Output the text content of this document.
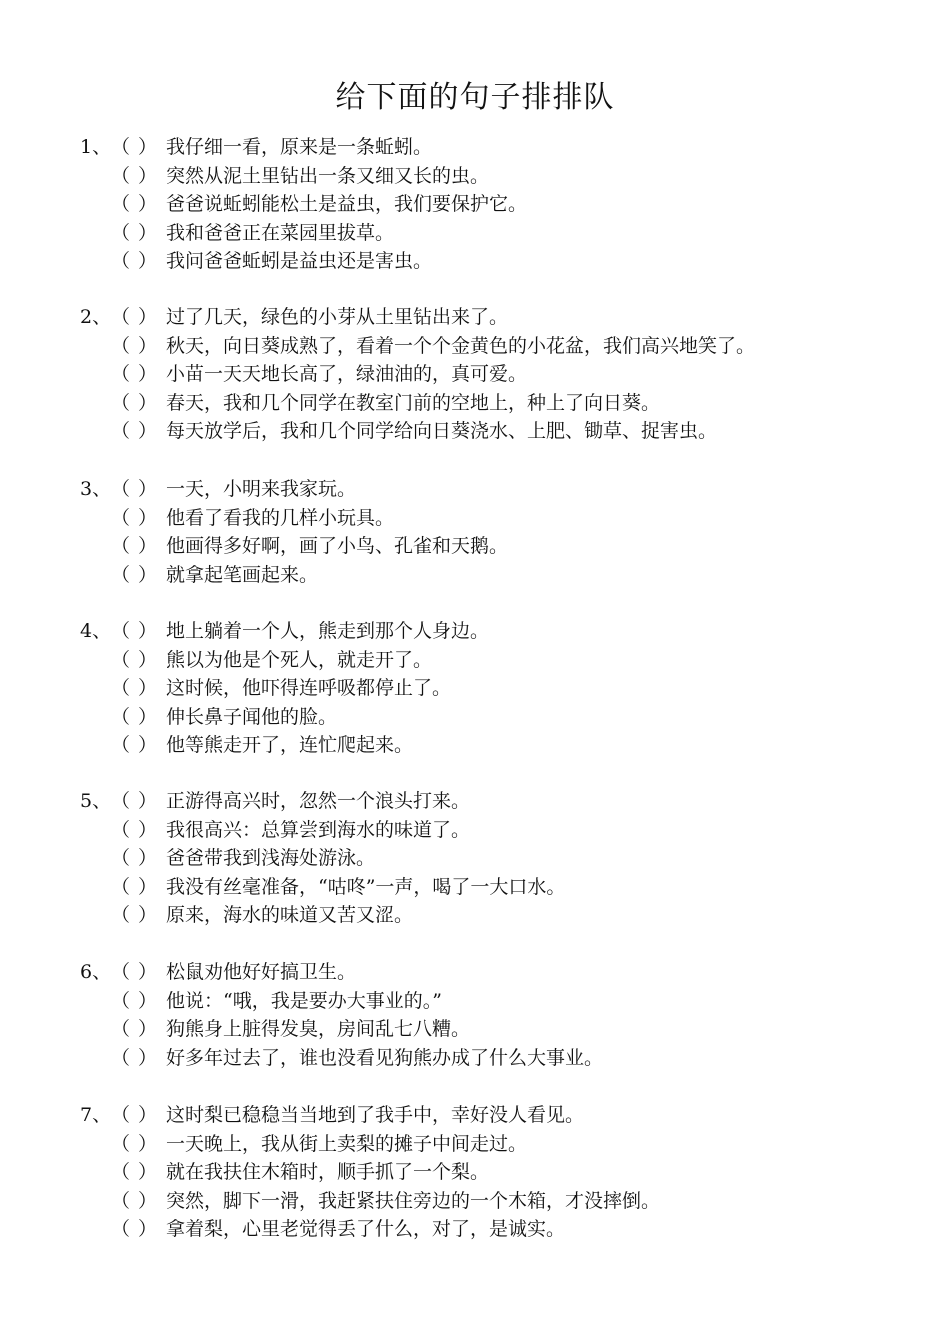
给下面的句子排排队
1、 （ ） 我仔细一看，原来是一条蚯蚓。
（ ） 突然从泥土里钻出一条又细又长的虫。
（ ） 爸爸说蚯蚓能松土是益虫，我们要保护它。
（ ） 我和爸爸正在菜园里拔草。
（ ） 我问爸爸蚯蚓是益虫还是害虫。
2、 （ ） 过了几天，绿色的小芽从土里钻出来了。
（ ） 秋天，向日葵成熟了，看着一个个金黄色的小花盆，我们高兴地笑了。
（ ） 小苗一天天地长高了，绿油油的，真可爱。
（ ） 春天，我和几个同学在教室门前的空地上，种上了向日葵。
（ ） 每天放学后，我和几个同学给向日葵浇水、上肥、锄草、捉害虫。
3、 （ ） 一天，小明来我家玩。
（ ） 他看了看我的几样小玩具。
（ ） 他画得多好啊，画了小鸟、孔雀和天鹅。
（ ） 就拿起笔画起来。
4、 （ ） 地上躺着一个人，熊走到那个人身边。
（ ） 熊以为他是个死人，就走开了。
（ ） 这时候，他吓得连呼吸都停止了。
（ ） 伸长鼻子闻他的脸。
（ ） 他等熊走开了，连忙爬起来。
5、 （ ） 正游得高兴时，忽然一个浪头打来。
（ ） 我很高兴：总算尝到海水的味道了。
（ ） 爸爸带我到浅海处游泳。
（ ） 我没有丝毫准备，“咕咚”一声，喝了一大口水。
（ ） 原来，海水的味道又苦又涩。
6、 （ ） 松鼠劝他好好搞卫生。
（ ） 他说：“哦，我是要办大事业的。”
（ ） 狗熊身上脏得发臭，房间乱七八糟。
（ ） 好多年过去了，谁也没看见狗熊办成了什么大事业。
7、 （ ） 这时梨已稳稳当当地到了我手中，幸好没人看见。
（ ） 一天晚上，我从街上卖梨的摊子中间走过。
（ ） 就在我扶住木箱时，顺手抓了一个梨。
（ ） 突然，脚下一滑，我赶紧扶住旁边的一个木箱，才没摔倒。
（ ） 拿着梨，心里老觉得丢了什么，对了，是诚实。
